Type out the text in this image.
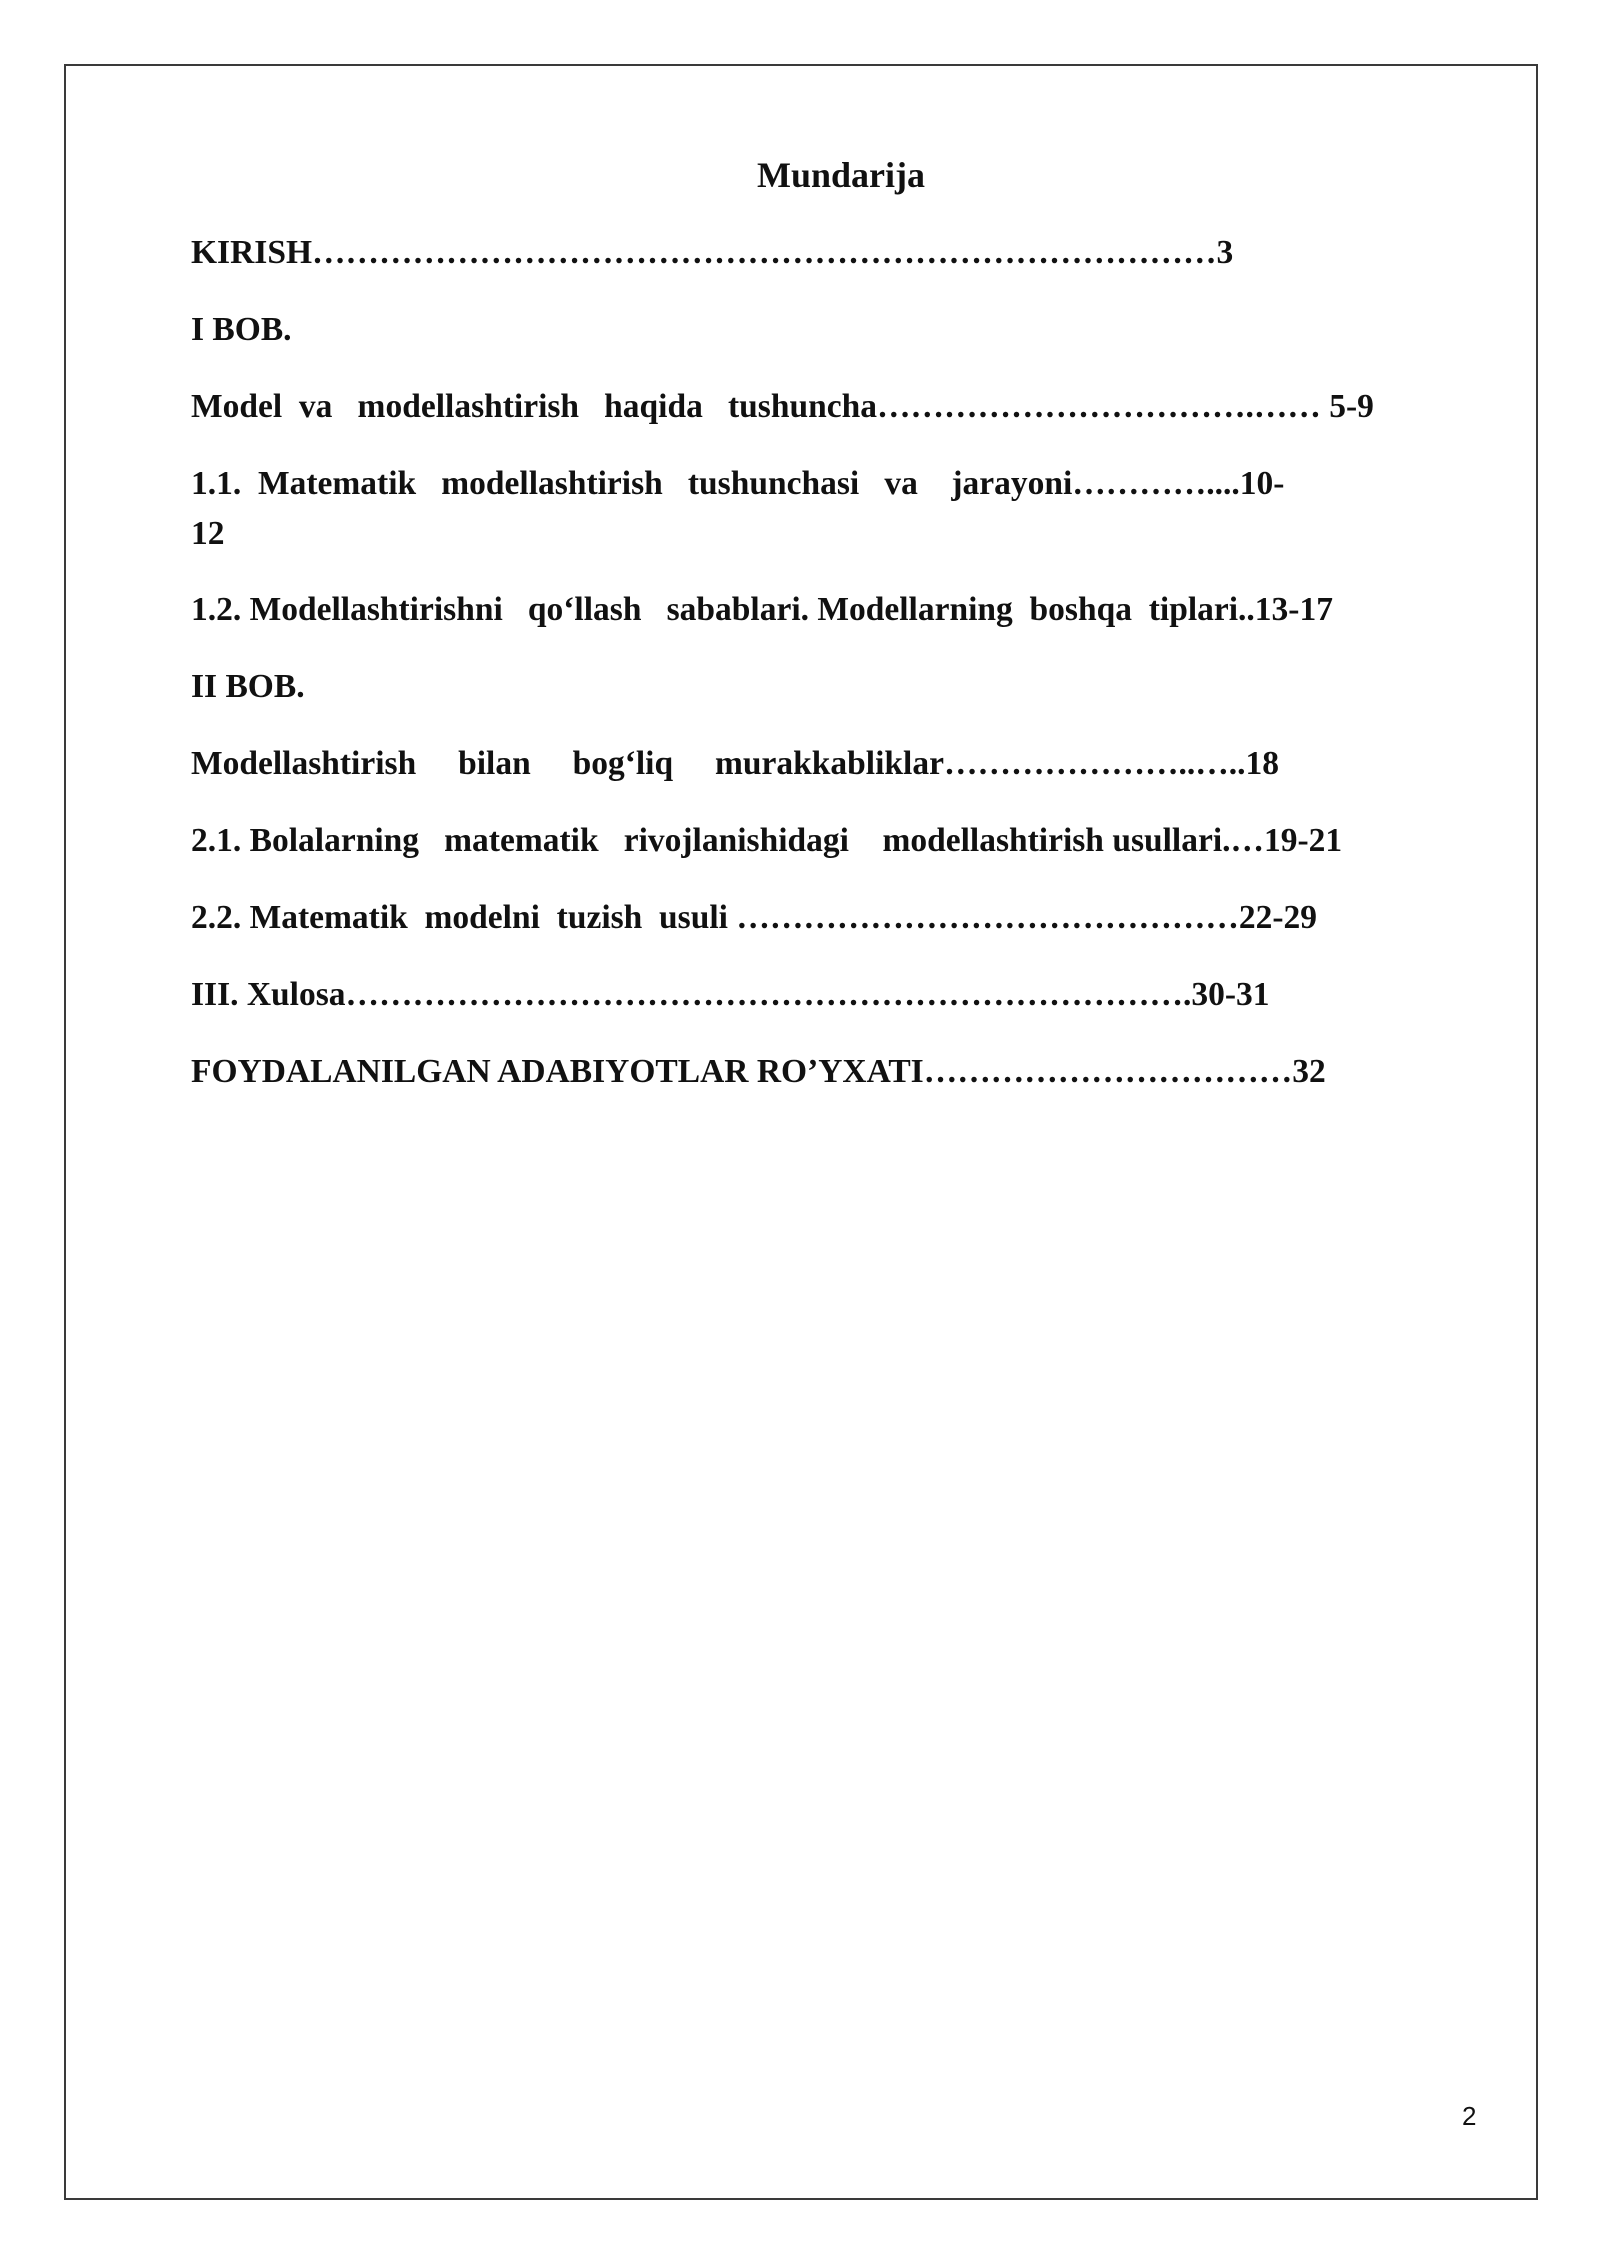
Mundarija
KIRISH………………………………………………………………………3
I BOB.
Model  va   modellashtirish   haqida   tushuncha…………………………….…… 5-9
1.1.  Matematik   modellashtirish   tushunchasi   va    jarayoni…………....10-
12
1.2. Modellashtirishni   qo‘llash   sabablari. Modellarning  boshqa  tiplari..13-17
II BOB.
Modellashtirish     bilan     bog‘liq     murakkabliklar…………………..…..18
2.1. Bolalarning   matematik   rivojlanishidagi    modellashtirish usullari.…19-21
2.2. Matematik  modelni  tuzish  usuli ………………………………………22-29
III. Xulosa………………………………………………………………….30-31
FOYDALANILGAN ADABIYOTLAR RO’YXATI……………………………32
2
